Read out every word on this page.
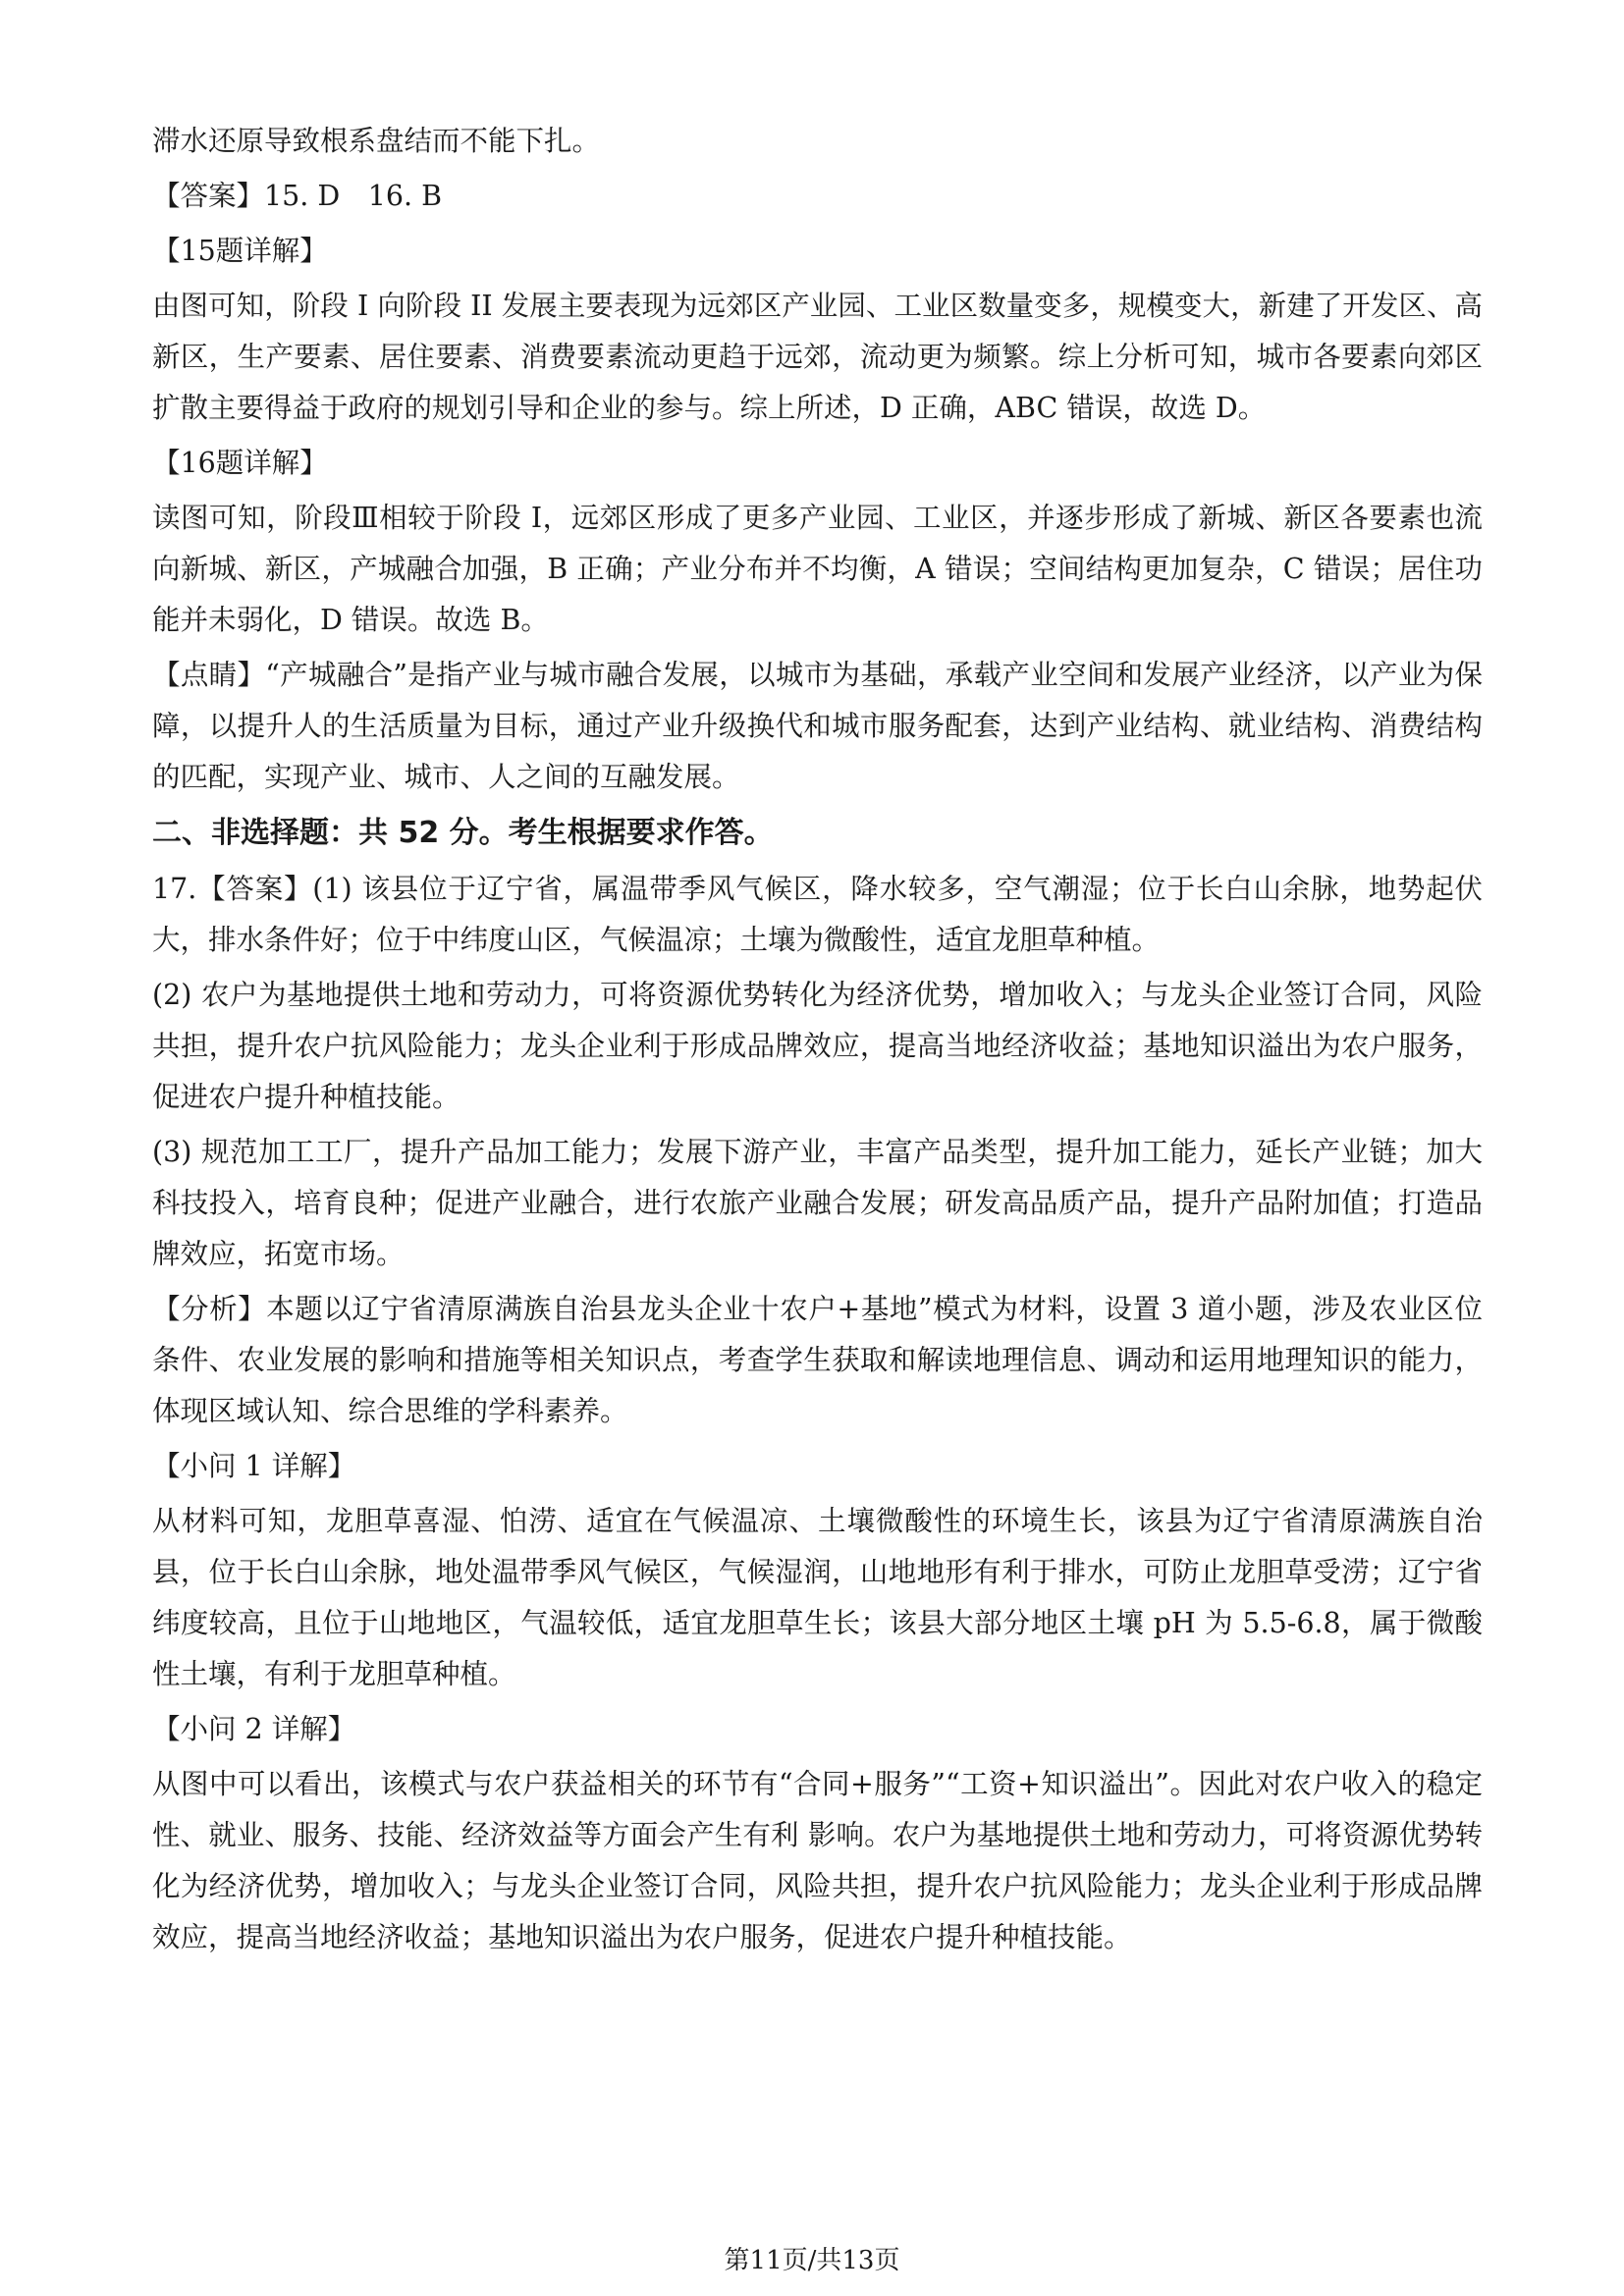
滞水还原导致根系盘结而不能下扎。
【答案】15. D　16. B
【15题详解】
由图可知，阶段 I 向阶段 II 发展主要表现为远郊区产业园、工业区数量变多，规模变大，新建了开发区、高新区，生产要素、居住要素、消费要素流动更趋于远郊，流动更为频繁。综上分析可知，城市各要素向郊区扩散主要得益于政府的规划引导和企业的参与。综上所述，D 正确，ABC 错误，故选 D。
【16题详解】
读图可知，阶段Ⅲ相较于阶段 I，远郊区形成了更多产业园、工业区，并逐步形成了新城、新区各要素也流向新城、新区，产城融合加强，B 正确；产业分布并不均衡，A 错误；空间结构更加复杂，C 错误；居住功能并未弱化，D 错误。故选 B。
【点睛】“产城融合”是指产业与城市融合发展，以城市为基础，承载产业空间和发展产业经济，以产业为保障，以提升人的生活质量为目标，通过产业升级换代和城市服务配套，达到产业结构、就业结构、消费结构的匹配，实现产业、城市、人之间的互融发展。
二、非选择题：共 52 分。考生根据要求作答。
17.【答案】(1) 该县位于辽宁省，属温带季风气候区，降水较多，空气潮湿；位于长白山余脉，地势起伏大，排水条件好；位于中纬度山区，气候温凉；土壤为微酸性，适宜龙胆草种植。
(2) 农户为基地提供土地和劳动力，可将资源优势转化为经济优势，增加收入；与龙头企业签订合同，风险共担，提升农户抗风险能力；龙头企业利于形成品牌效应，提高当地经济收益；基地知识溢出为农户服务，促进农户提升种植技能。
(3) 规范加工工厂，提升产品加工能力；发展下游产业，丰富产品类型，提升加工能力，延长产业链；加大科技投入，培育良种；促进产业融合，进行农旅产业融合发展；研发高品质产品，提升产品附加值；打造品牌效应，拓宽市场。
【分析】本题以辽宁省清原满族自治县龙头企业十农户+基地”模式为材料，设置 3 道小题，涉及农业区位条件、农业发展的影响和措施等相关知识点，考查学生获取和解读地理信息、调动和运用地理知识的能力，体现区域认知、综合思维的学科素养。
【小问 1 详解】
从材料可知，龙胆草喜湿、怕涝、适宜在气候温凉、土壤微酸性的环境生长，该县为辽宁省清原满族自治县，位于长白山余脉，地处温带季风气候区，气候湿润，山地地形有利于排水，可防止龙胆草受涝；辽宁省纬度较高，且位于山地地区，气温较低，适宜龙胆草生长；该县大部分地区土壤 pH 为 5.5-6.8，属于微酸性土壤，有利于龙胆草种植。
【小问 2 详解】
从图中可以看出，该模式与农户获益相关的环节有“合同+服务”“工资+知识溢出”。因此对农户收入的稳定性、就业、服务、技能、经济效益等方面会产生有利 影响。农户为基地提供土地和劳动力，可将资源优势转化为经济优势，增加收入；与龙头企业签订合同，风险共担，提升农户抗风险能力；龙头企业利于形成品牌效应，提高当地经济收益；基地知识溢出为农户服务，促进农户提升种植技能。
第11页/共13页
